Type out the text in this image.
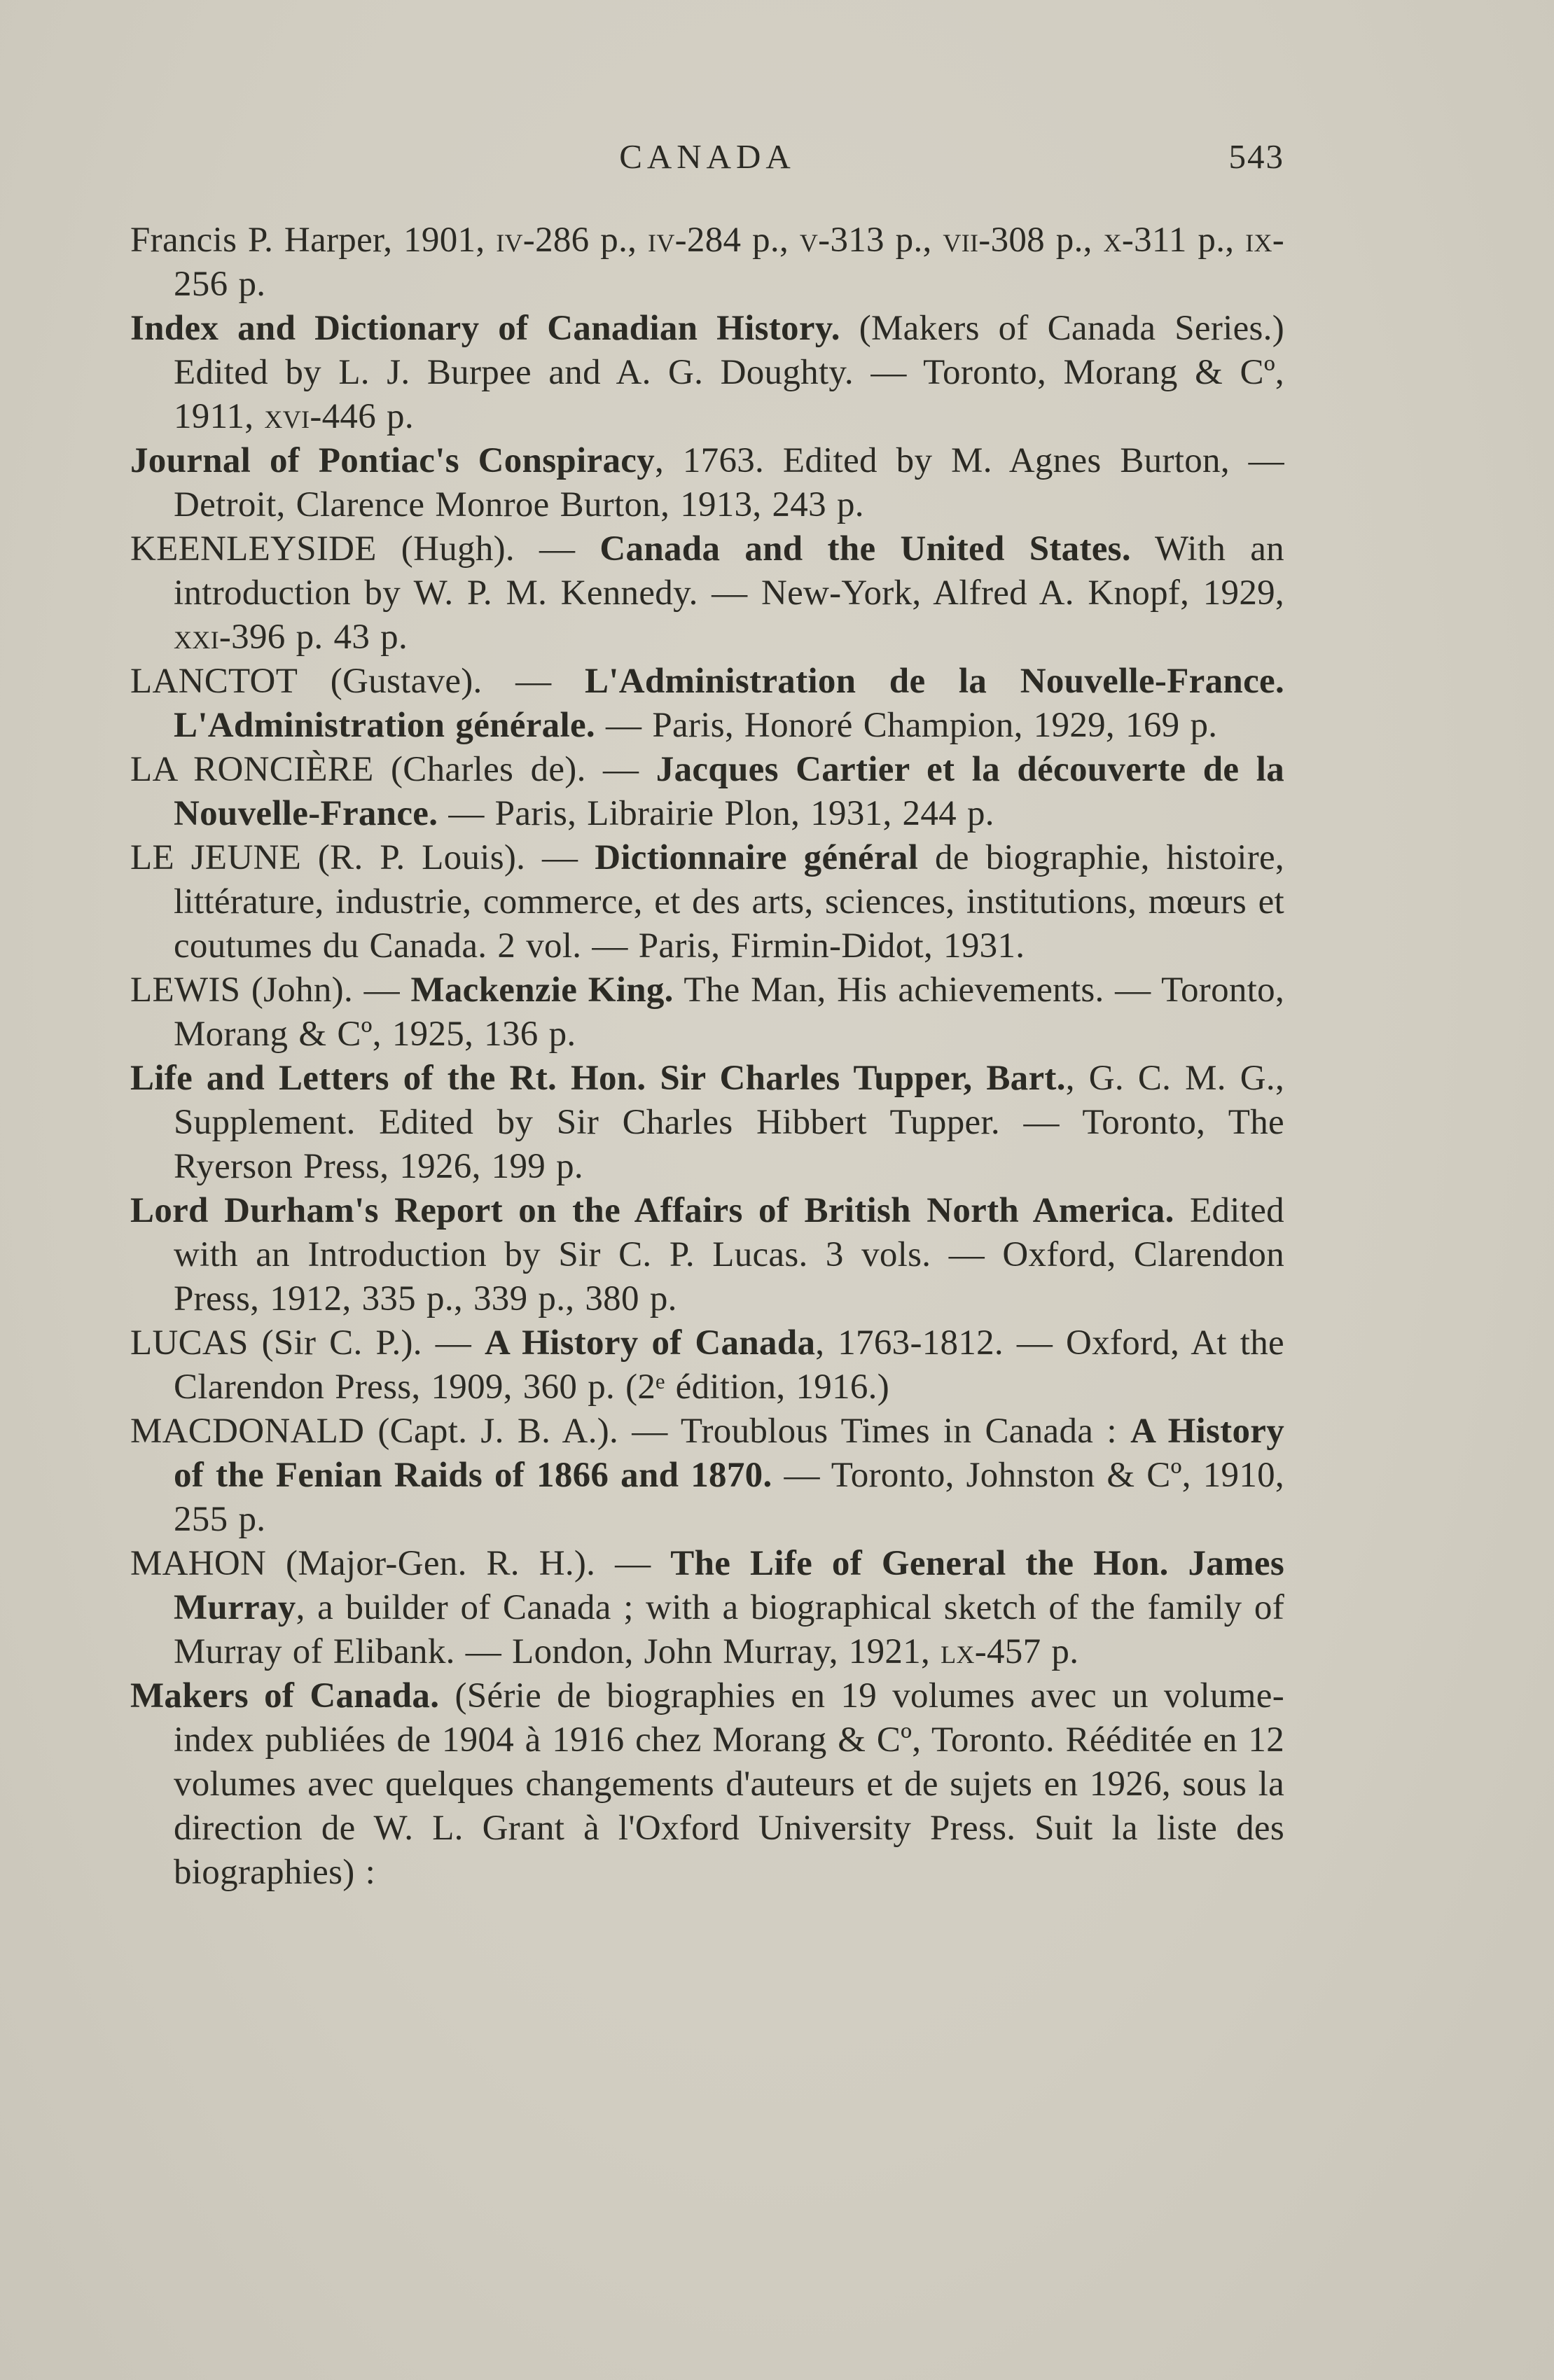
CANADA	543

Francis P. Harper, 1901, iv-286 p., iv-284 p., v-313 p., vii-308 p., x-311 p., ix-256 p.

Index and Dictionary of Canadian History. (Makers of Canada Series.) Edited by L. J. Burpee and A. G. Doughty. — Toronto, Morang & Cº, 1911, xvi-446 p.

Journal of Pontiac's Conspiracy, 1763. Edited by M. Agnes Burton, — Detroit, Clarence Monroe Burton, 1913, 243 p.

KEENLEYSIDE (Hugh). — Canada and the United States. With an introduction by W. P. M. Kennedy. — New-York, Alfred A. Knopf, 1929, xxi-396 p. 43 p.

LANCTOT (Gustave). — L'Administration de la Nouvelle-France. L'Administration générale. — Paris, Honoré Champion, 1929, 169 p.

LA RONCIÈRE (Charles de). — Jacques Cartier et la découverte de la Nouvelle-France. — Paris, Librairie Plon, 1931, 244 p.

LE JEUNE (R. P. Louis). — Dictionnaire général de biographie, histoire, littérature, industrie, commerce, et des arts, sciences, institutions, mœurs et coutumes du Canada. 2 vol. — Paris, Firmin-Didot, 1931.

LEWIS (John). — Mackenzie King. The Man, His achievements. — Toronto, Morang & Cº, 1925, 136 p.

Life and Letters of the Rt. Hon. Sir Charles Tupper, Bart., G. C. M. G., Supplement. Edited by Sir Charles Hibbert Tupper. — Toronto, The Ryerson Press, 1926, 199 p.

Lord Durham's Report on the Affairs of British North America. Edited with an Introduction by Sir C. P. Lucas. 3 vols. — Oxford, Clarendon Press, 1912, 335 p., 339 p., 380 p.

LUCAS (Sir C. P.). — A History of Canada, 1763-1812. — Oxford, At the Clarendon Press, 1909, 360 p. (2ᵉ édition, 1916.)

MACDONALD (Capt. J. B. A.). — Troublous Times in Canada : A History of the Fenian Raids of 1866 and 1870. — Toronto, Johnston & Cº, 1910, 255 p.

MAHON (Major-Gen. R. H.). — The Life of General the Hon. James Murray, a builder of Canada ; with a biographical sketch of the family of Murray of Elibank. — London, John Murray, 1921, lx-457 p.

Makers of Canada. (Série de biographies en 19 volumes avec un volume-index publiées de 1904 à 1916 chez Morang & Cº, Toronto. Rééditée en 12 volumes avec quelques changements d'auteurs et de sujets en 1926, sous la direction de W. L. Grant à l'Oxford University Press. Suit la liste des biographies) :
